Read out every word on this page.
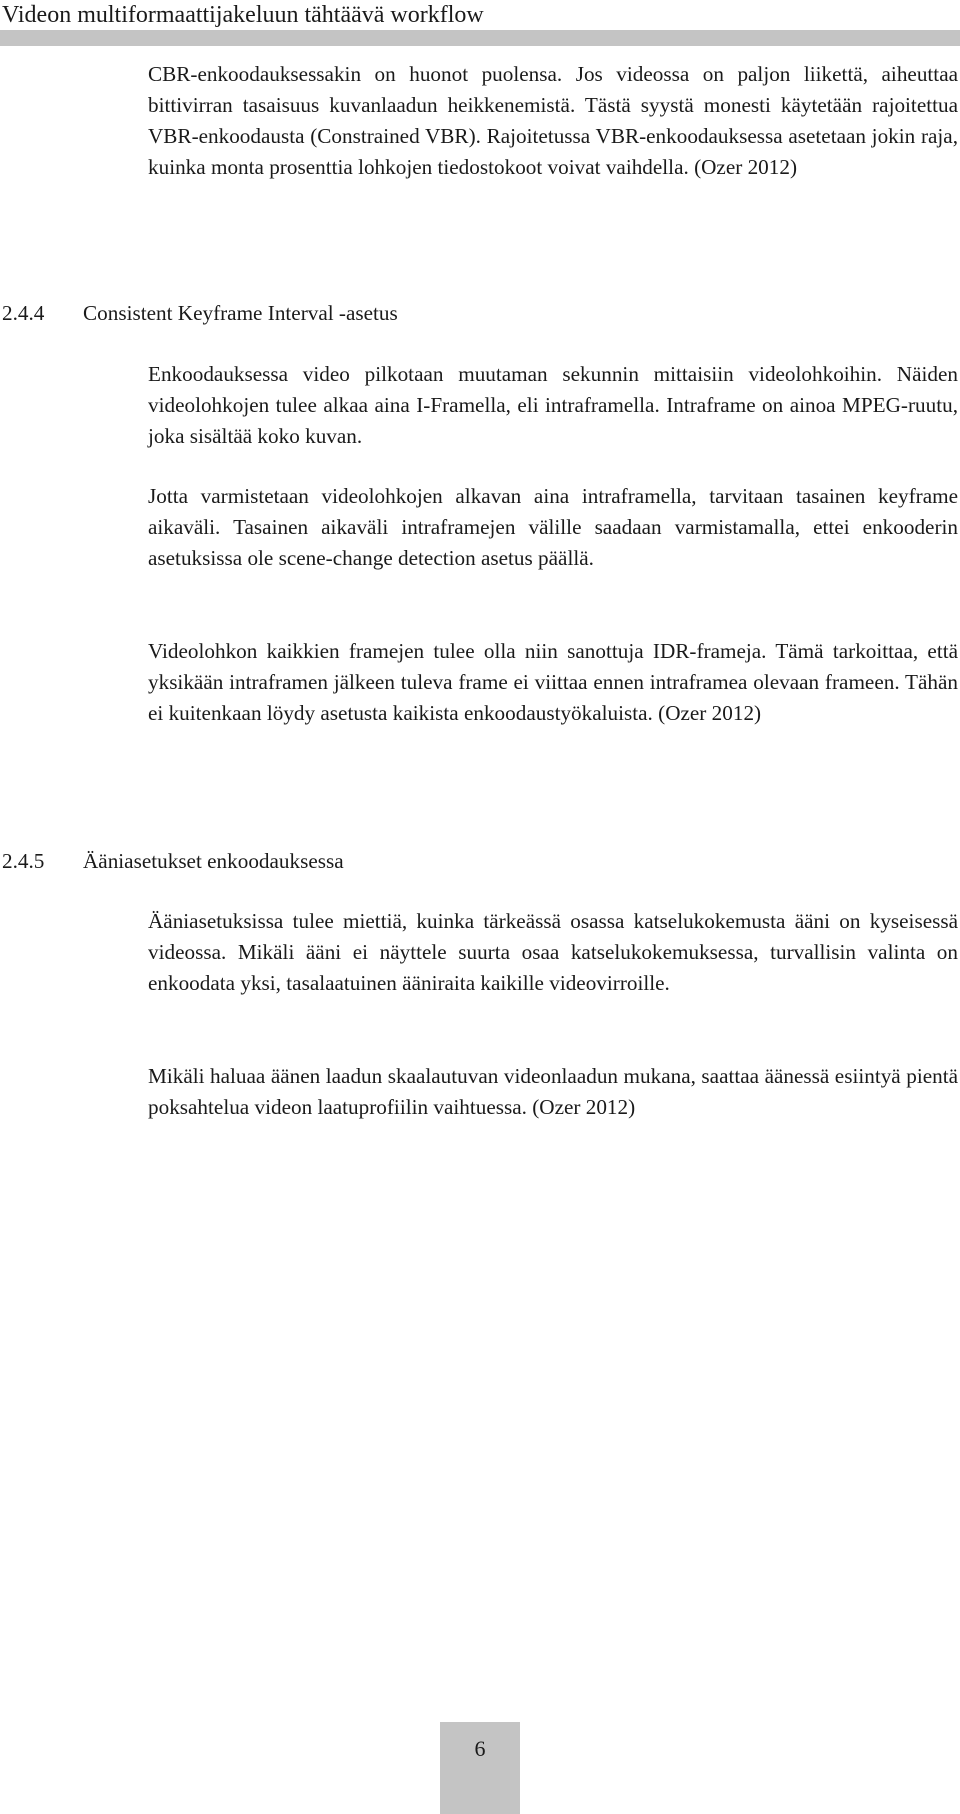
Videon multiformaattijakeluun tähtäävä workflow

CBR-enkoodauksessakin on huonot puolensa. Jos videossa on paljon liikettä, aiheuttaa bittivirran tasaisuus kuvanlaadun heikkenemistä. Tästä syystä monesti käytetään rajoitettua VBR-enkoodausta (Constrained VBR). Rajoitetussa VBR-enkoodauksessa asetetaan jokin raja, kuinka monta prosenttia lohkojen tiedostokoot voivat vaihdella. (Ozer 2012)

2.4.4 Consistent Keyframe Interval -asetus

Enkoodauksessa video pilkotaan muutaman sekunnin mittaisiin videolohkoihin. Näiden videolohkojen tulee alkaa aina I-Framella, eli intraframella. Intraframe on ainoa MPEG-ruutu, joka sisältää koko kuvan.

Jotta varmistetaan videolohkojen alkavan aina intraframella, tarvitaan tasainen keyframe aikaväli. Tasainen aikaväli intraframejen välille saadaan varmistamalla, ettei enkooderin asetuksissa ole scene-change detection asetus päällä.

Videolohkon kaikkien framejen tulee olla niin sanottuja IDR-frameja. Tämä tarkoittaa, että yksikään intraframen jälkeen tuleva frame ei viittaa ennen intraframea olevaan frameen. Tähän ei kuitenkaan löydy asetusta kaikista enkoodaustyökaluista. (Ozer 2012)

2.4.5 Ääniasetukset enkoodauksessa

Ääniasetuksissa tulee miettiä, kuinka tärkeässä osassa katselukokemusta ääni on kyseisessä videossa. Mikäli ääni ei näyttele suurta osaa katselukokemuksessa, turvallisin valinta on enkoodata yksi, tasalaatuinen ääniraita kaikille videovirroille.

Mikäli haluaa äänen laadun skaalautuvan videonlaadun mukana, saattaa äänessä esiintyä pientä poksahtelua videon laatuprofiilin vaihtuessa. (Ozer 2012)

6
